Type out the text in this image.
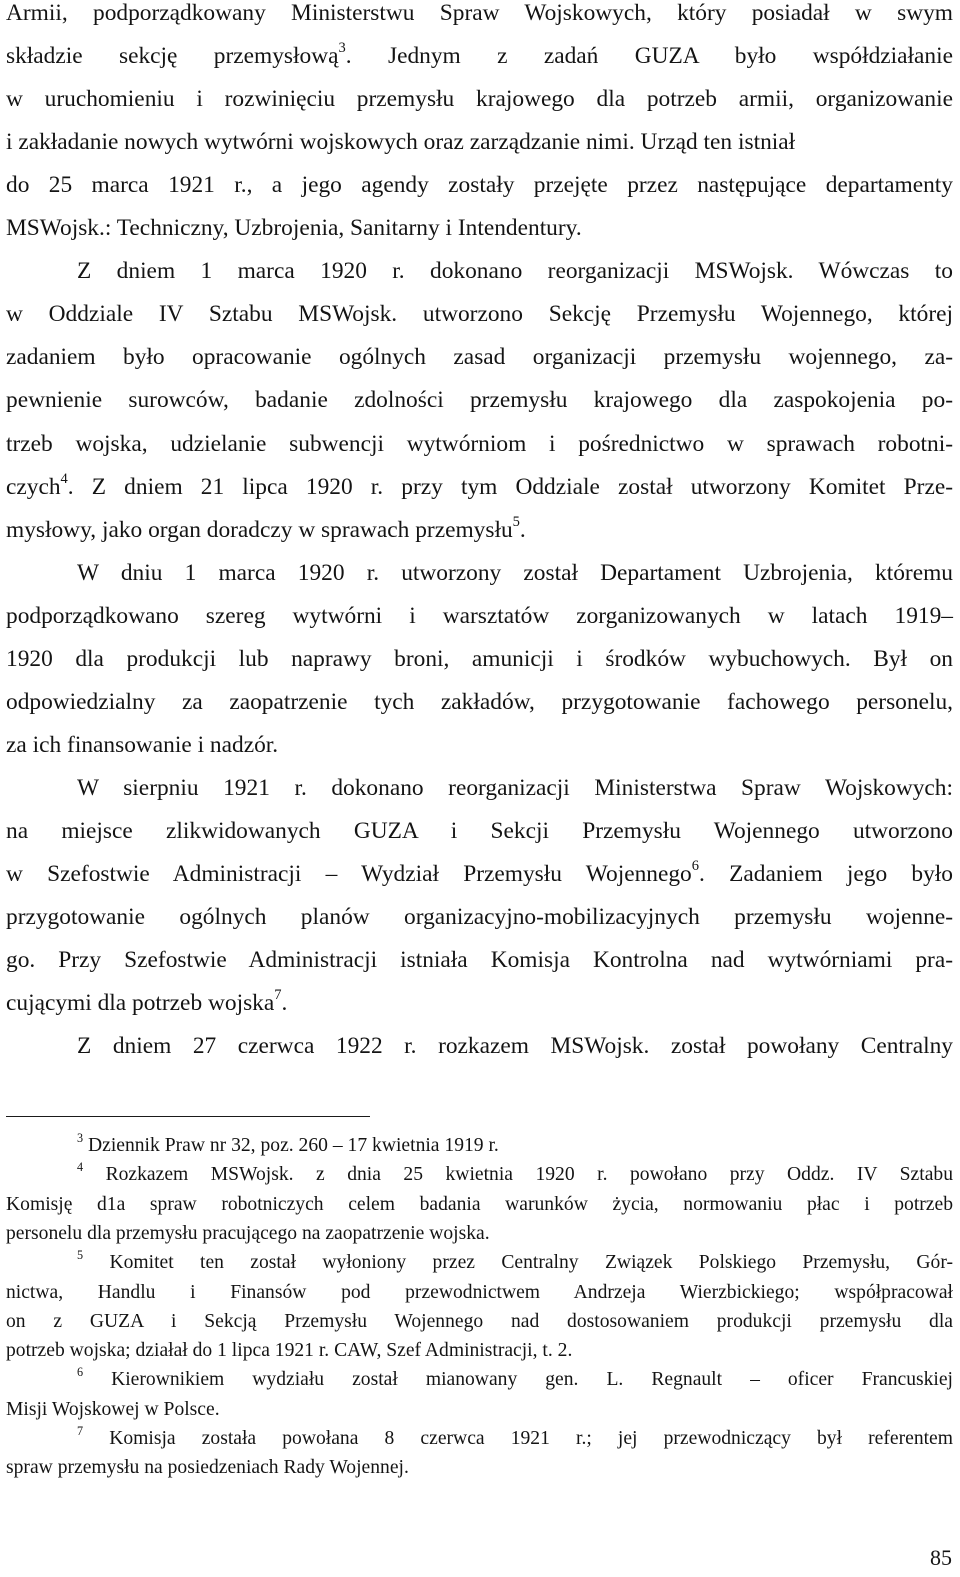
Armii, podporządkowany Ministerstwu Spraw Wojskowych, który posiadał w swym
składzie sekcję przemysłową$^3$. Jednym z zadań GUZA było współdziałanie
w uruchomieniu i rozwinięciu przemysłu krajowego dla potrzeb armii, organizowanie
i zakładanie nowych wytwórni wojskowych oraz zarządzanie nimi. Urząd ten istniał
do 25 marca 1921 r., a jego agendy zostały przejęte przez następujące departamenty
MSWojsk.: Techniczny, Uzbrojenia, Sanitarny i Intendentury.
Z dniem 1 marca 1920 r. dokonano reorganizacji MSWojsk. Wówczas to
w Oddziale IV Sztabu MSWojsk. utworzono Sekcję Przemysłu Wojennego, której
zadaniem było opracowanie ogólnych zasad organizacji przemysłu wojennego, za-
pewnienie surowców, badanie zdolności przemysłu krajowego dla zaspokojenia po-
trzeb wojska, udzielanie subwencji wytwórniom i pośrednictwo w sprawach robotni-
czych$^4$. Z dniem 21 lipca 1920 r. przy tym Oddziale został utworzony Komitet Prze-
mysłowy, jako organ doradczy w sprawach przemysłu$^5$.
W dniu 1 marca 1920 r. utworzony został Departament Uzbrojenia, któremu
podporządkowano szereg wytwórni i warsztatów zorganizowanych w latach 1919–
1920 dla produkcji lub naprawy broni, amunicji i środków wybuchowych. Był on
odpowiedzialny za zaopatrzenie tych zakładów, przygotowanie fachowego personelu,
za ich finansowanie i nadzór.
W sierpniu 1921 r. dokonano reorganizacji Ministerstwa Spraw Wojskowych:
na miejsce zlikwidowanych GUZA i Sekcji Przemysłu Wojennego utworzono
w Szefostwie Administracji – Wydział Przemysłu Wojennego$^6$. Zadaniem jego było
przygotowanie ogólnych planów organizacyjno-mobilizacyjnych przemysłu wojenne-
go. Przy Szefostwie Administracji istniała Komisja Kontrolna nad wytwórniami pra-
cującymi dla potrzeb wojska$^7$.
Z dniem 27 czerwca 1922 r. rozkazem MSWojsk. został powołany Centralny
$^3$ Dziennik Praw nr 32, poz. 260 – 17 kwietnia 1919 r.
$^4$ Rozkazem MSWojsk. z dnia 25 kwietnia 1920 r. powołano przy Oddz. IV Sztabu
Komisję d1a spraw robotniczych celem badania warunków życia, normowaniu płac i potrzeb
personelu dla przemysłu pracującego na zaopatrzenie wojska.
$^5$ Komitet ten został wyłoniony przez Centralny Związek Polskiego Przemysłu, Gór-
nictwa, Handlu i Finansów pod przewodnictwem Andrzeja Wierzbickiego; współpracował
on z GUZA i Sekcją Przemysłu Wojennego nad dostosowaniem produkcji przemysłu dla
potrzeb wojska; działał do 1 lipca 1921 r. CAW, Szef Administracji, t. 2.
$^6$ Kierownikiem wydziału został mianowany gen. L. Regnault – oficer Francuskiej
Misji Wojskowej w Polsce.
$^7$ Komisja została powołana 8 czerwca 1921 r.; jej przewodniczący był referentem
spraw przemysłu na posiedzeniach Rady Wojennej.
85
